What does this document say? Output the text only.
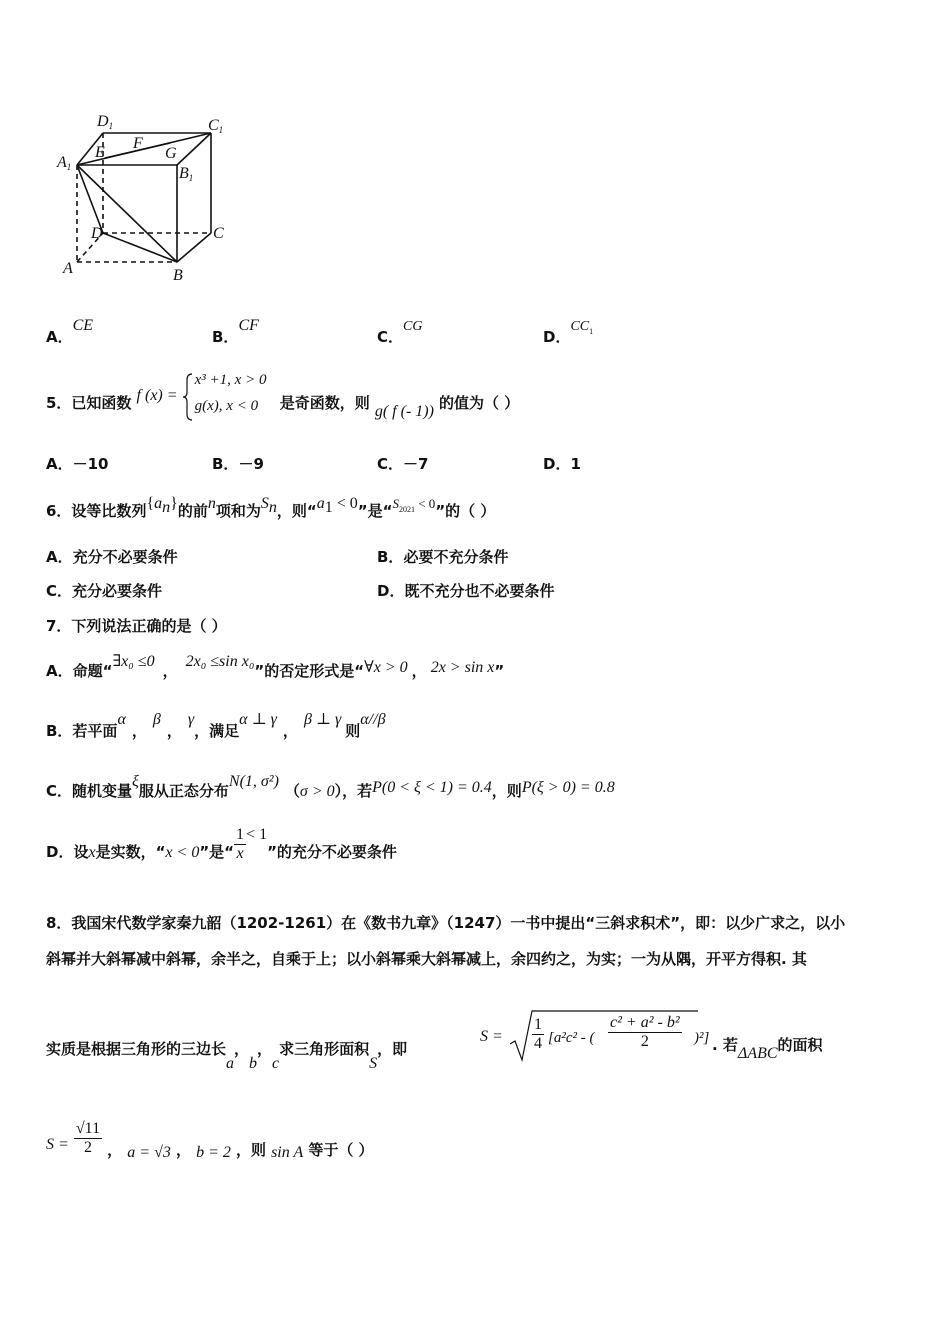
D1	C1
A1	B1
E
F
G
D	C
A	B
A．CE
B．CF
C．CG
D．$CC_1$
5．已知函数 f (x) =
x³ +1, x > 0
g(x), x < 0 是奇函数，则 g( f (- 1)) 的值为（ ）
A．－10	B．－9	C．－7	D．1
6．设等比数列$\{a_n\}$的前n项和为$S_n$，则“$a_1 < 0$”是“$S_{2021} < 0$”的（ ）
A．充分不必要条件	B．必要不充分条件
C．充分必要条件	D．既不充分也不必要条件
7．下列说法正确的是（ ）
A．命题“∃x₀ ≤0，2x₀ ≤sin x₀”的否定形式是“∀x > 0 ， 2x > sin x”
B．若平面α，β，γ，满足α ⊥ γ，β ⊥ γ则α//β
C．随机变量ξ服从正态分布N(1, σ²)（σ > 0），若P(0 < ξ < 1) = 0.4，则P(ξ > 0) = 0.8
D．设x是实数，“x < 0”是“ $\frac{1}{x} < 1$”的充分不必要条件
8．我国宋代数学家秦九韶（1202-1261）在《数书九章》（1247）一书中提出“三斜求积术”，即：以少广求之，以小
斜幂并大斜幂减中斜幂，余半之，自乘于上；以小斜幂乘大斜幂减上，余四约之，为实；一为从隅，开平方得积. 其
实质是根据三角形的三边长a，b，c求三角形面积S，即
$S = \frac{1}{4} [a^2c^2$ - ( $\frac{\text{c² + a² - b²}}{2} )^2$] . 若ΔABC的面积
$S = \frac{√11}{2}$ ， a = √3 ， b = 2 ，则 sin A 等于（ ）
